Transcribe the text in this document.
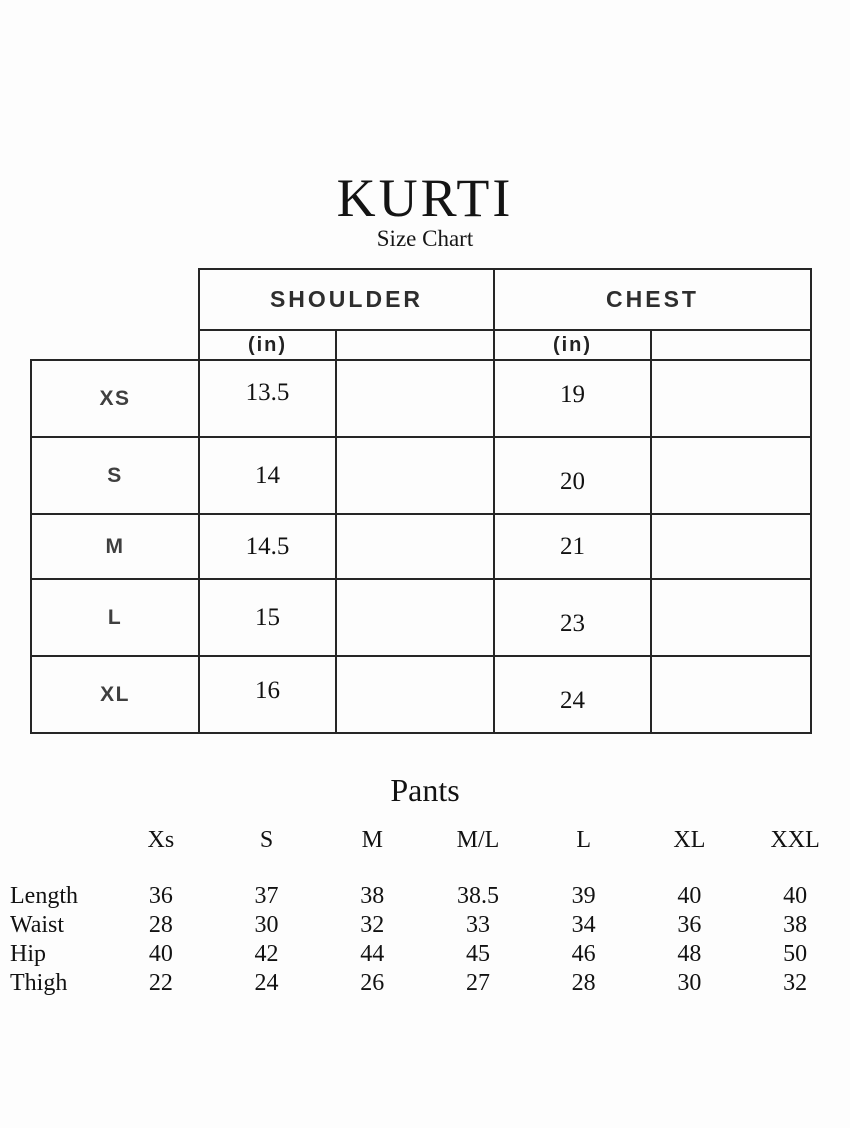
KURTI
Size Chart
	SHOULDER		CHEST	
	(in)		(in)	
XS	13.5		19	
S	14		20	
M	14.5		21	
L	15		23	
XL	16		24	
Pants
	Xs	S	M	M/L	L	XL	XXL
Length	36	37	38	38.5	39	40	40
Waist	28	30	32	33	34	36	38
Hip	40	42	44	45	46	48	50
Thigh	22	24	26	27	28	30	32
